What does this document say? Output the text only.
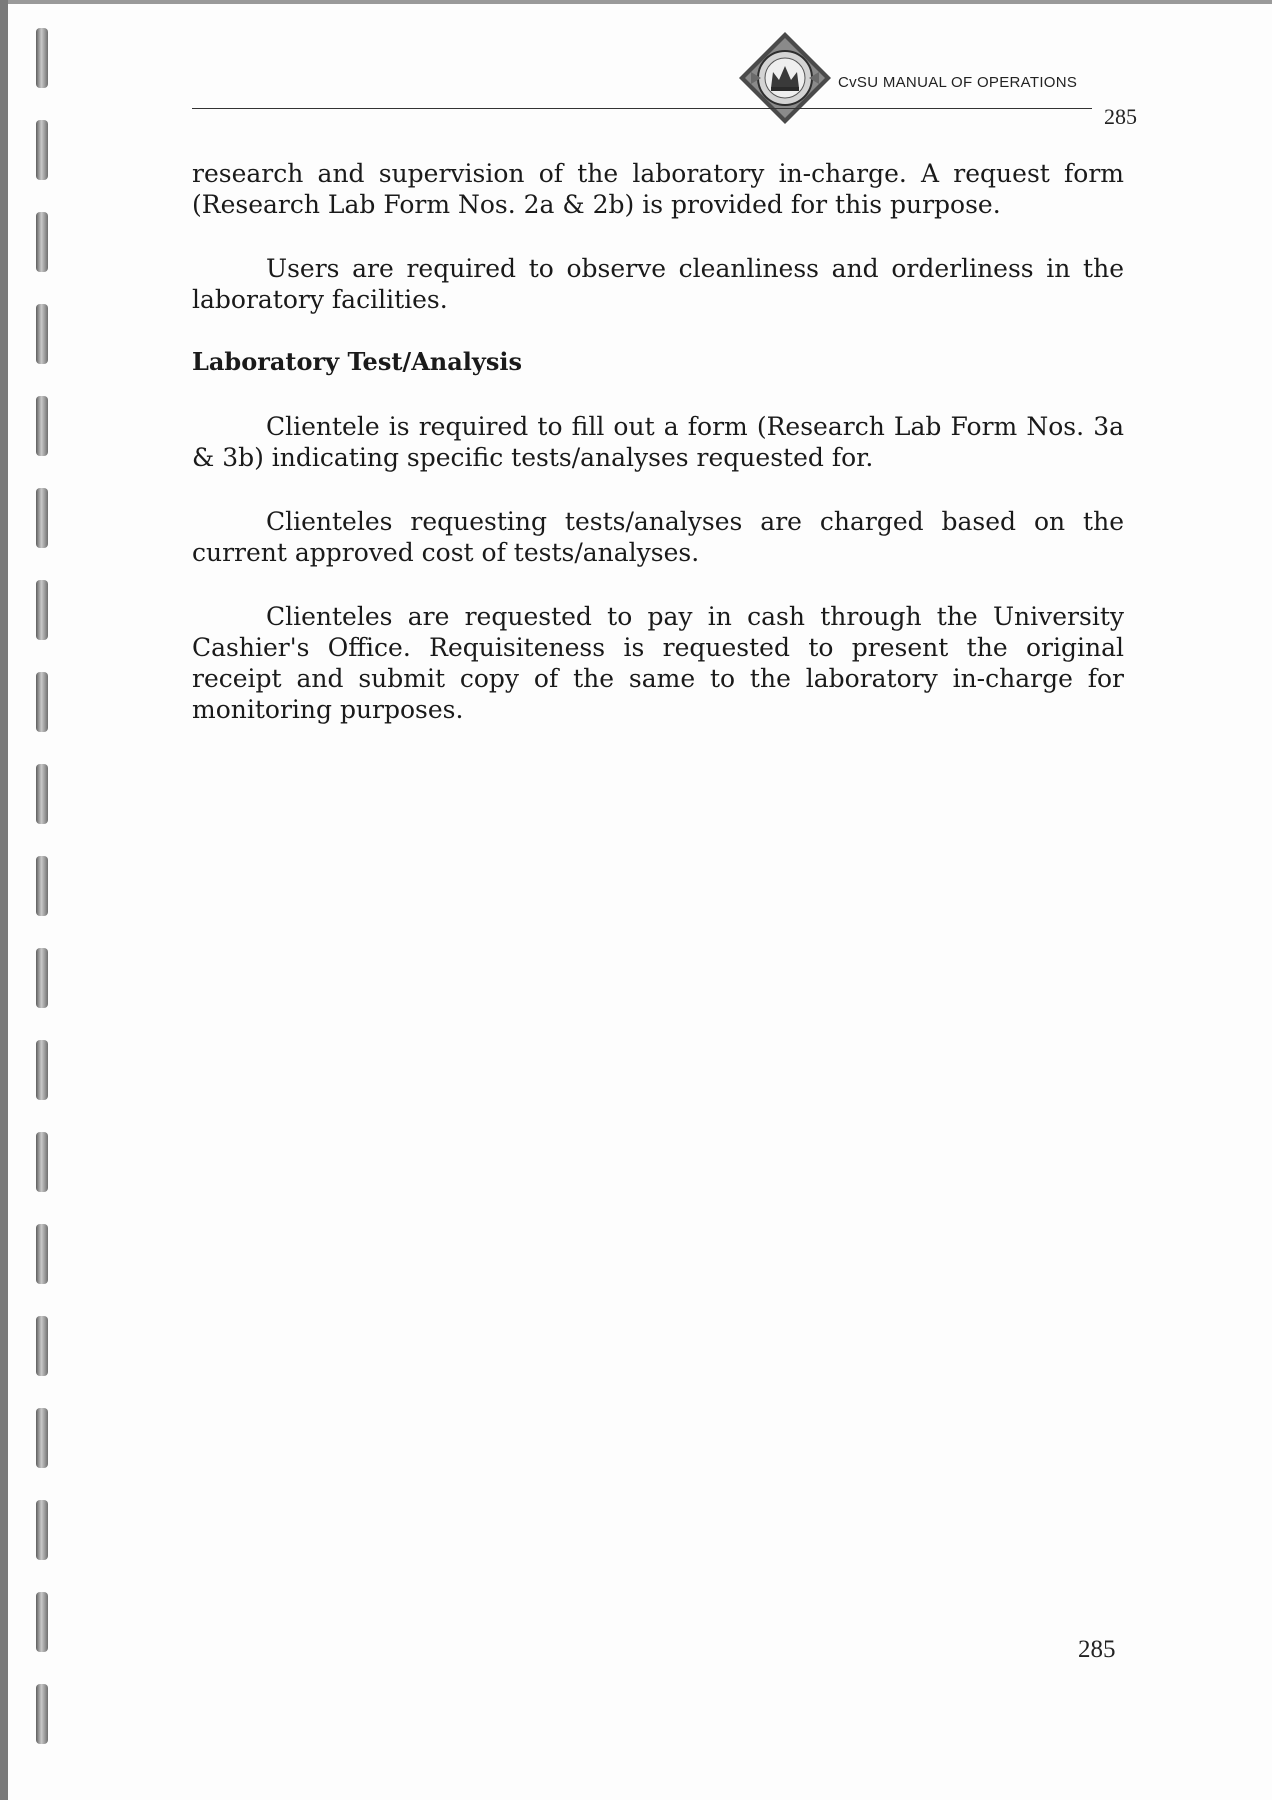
CvSU MANUAL OF OPERATIONS
285

research and supervision of the laboratory in-charge. A request form (Research Lab Form Nos. 2a & 2b) is provided for this purpose.

Users are required to observe cleanliness and orderliness in the laboratory facilities.

Laboratory Test/Analysis

Clientele is required to fill out a form (Research Lab Form Nos. 3a & 3b) indicating specific tests/analyses requested for.

Clienteles requesting tests/analyses are charged based on the current approved cost of tests/analyses.

Clienteles are requested to pay in cash through the University Cashier's Office. Requisiteness is requested to present the original receipt and submit copy of the same to the laboratory in-charge for monitoring purposes.

285
